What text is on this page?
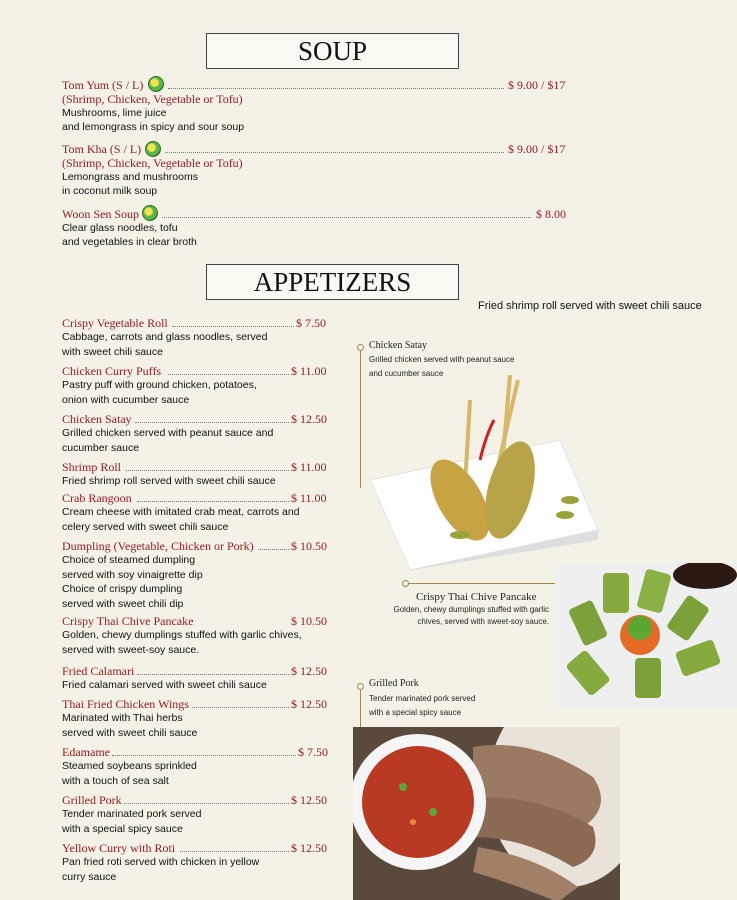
SOUP
Tom Yum (S / L)	$ 9.00 / $17
(Shrimp, Chicken, Vegetable or Tofu)
Mushrooms, lime juice
and lemongrass in spicy and sour soup
Tom Kha (S / L)	$ 9.00 / $17
(Shrimp, Chicken, Vegetable or Tofu)
Lemongrass and mushrooms
in coconut milk soup
Woon Sen Soup	$ 8.00
Clear glass noodles, tofu
and vegetables in clear broth
APPETIZERS
Fried shrimp roll served with sweet chili sauce
Crispy Vegetable Roll	$ 7.50
Cabbage, carrots and glass noodles, served
with sweet chili sauce
Chicken Curry Puffs	$ 11.00
Pastry puff with ground chicken, potatoes,
onion with cucumber sauce
Chicken Satay	$ 12.50
Grilled chicken served with peanut sauce and
cucumber sauce
Shrimp Roll	$ 11.00
Fried shrimp roll served with sweet chili sauce
Crab Rangoon	$ 11.00
Cream cheese with imitated crab meat, carrots and
celery served with sweet chili sauce
Dumpling (Vegetable, Chicken or Pork)	$ 10.50
Choice of steamed dumpling
served with soy vinaigrette dip
Choice of crispy dumpling
served with sweet chili dip
Crispy Thai Chive Pancake	$ 10.50
Golden, chewy dumplings stuffed with garlic chives,
served with sweet-soy sauce.
Fried Calamari	$ 12.50
Fried calamari served with sweet chili sauce
Thai Fried Chicken Wings	$ 12.50
Marinated with Thai herbs
served with sweet chili sauce
Edamame	$ 7.50
Steamed soybeans sprinkled
with a touch of sea salt
Grilled Pork	$ 12.50
Tender marinated pork served
with a special spicy sauce
Yellow Curry with Roti	$ 12.50
Pan fried roti served with chicken in yellow
curry sauce
Chicken Satay
Grilled chicken served with peanut sauce
and cucumber sauce
Crispy Thai Chive Pancake
Golden, chewy dumplings stuffed with garlic
chives, served with sweet-soy sauce.
Grilled Pork
Tender marinated pork served
with a special spicy sauce
